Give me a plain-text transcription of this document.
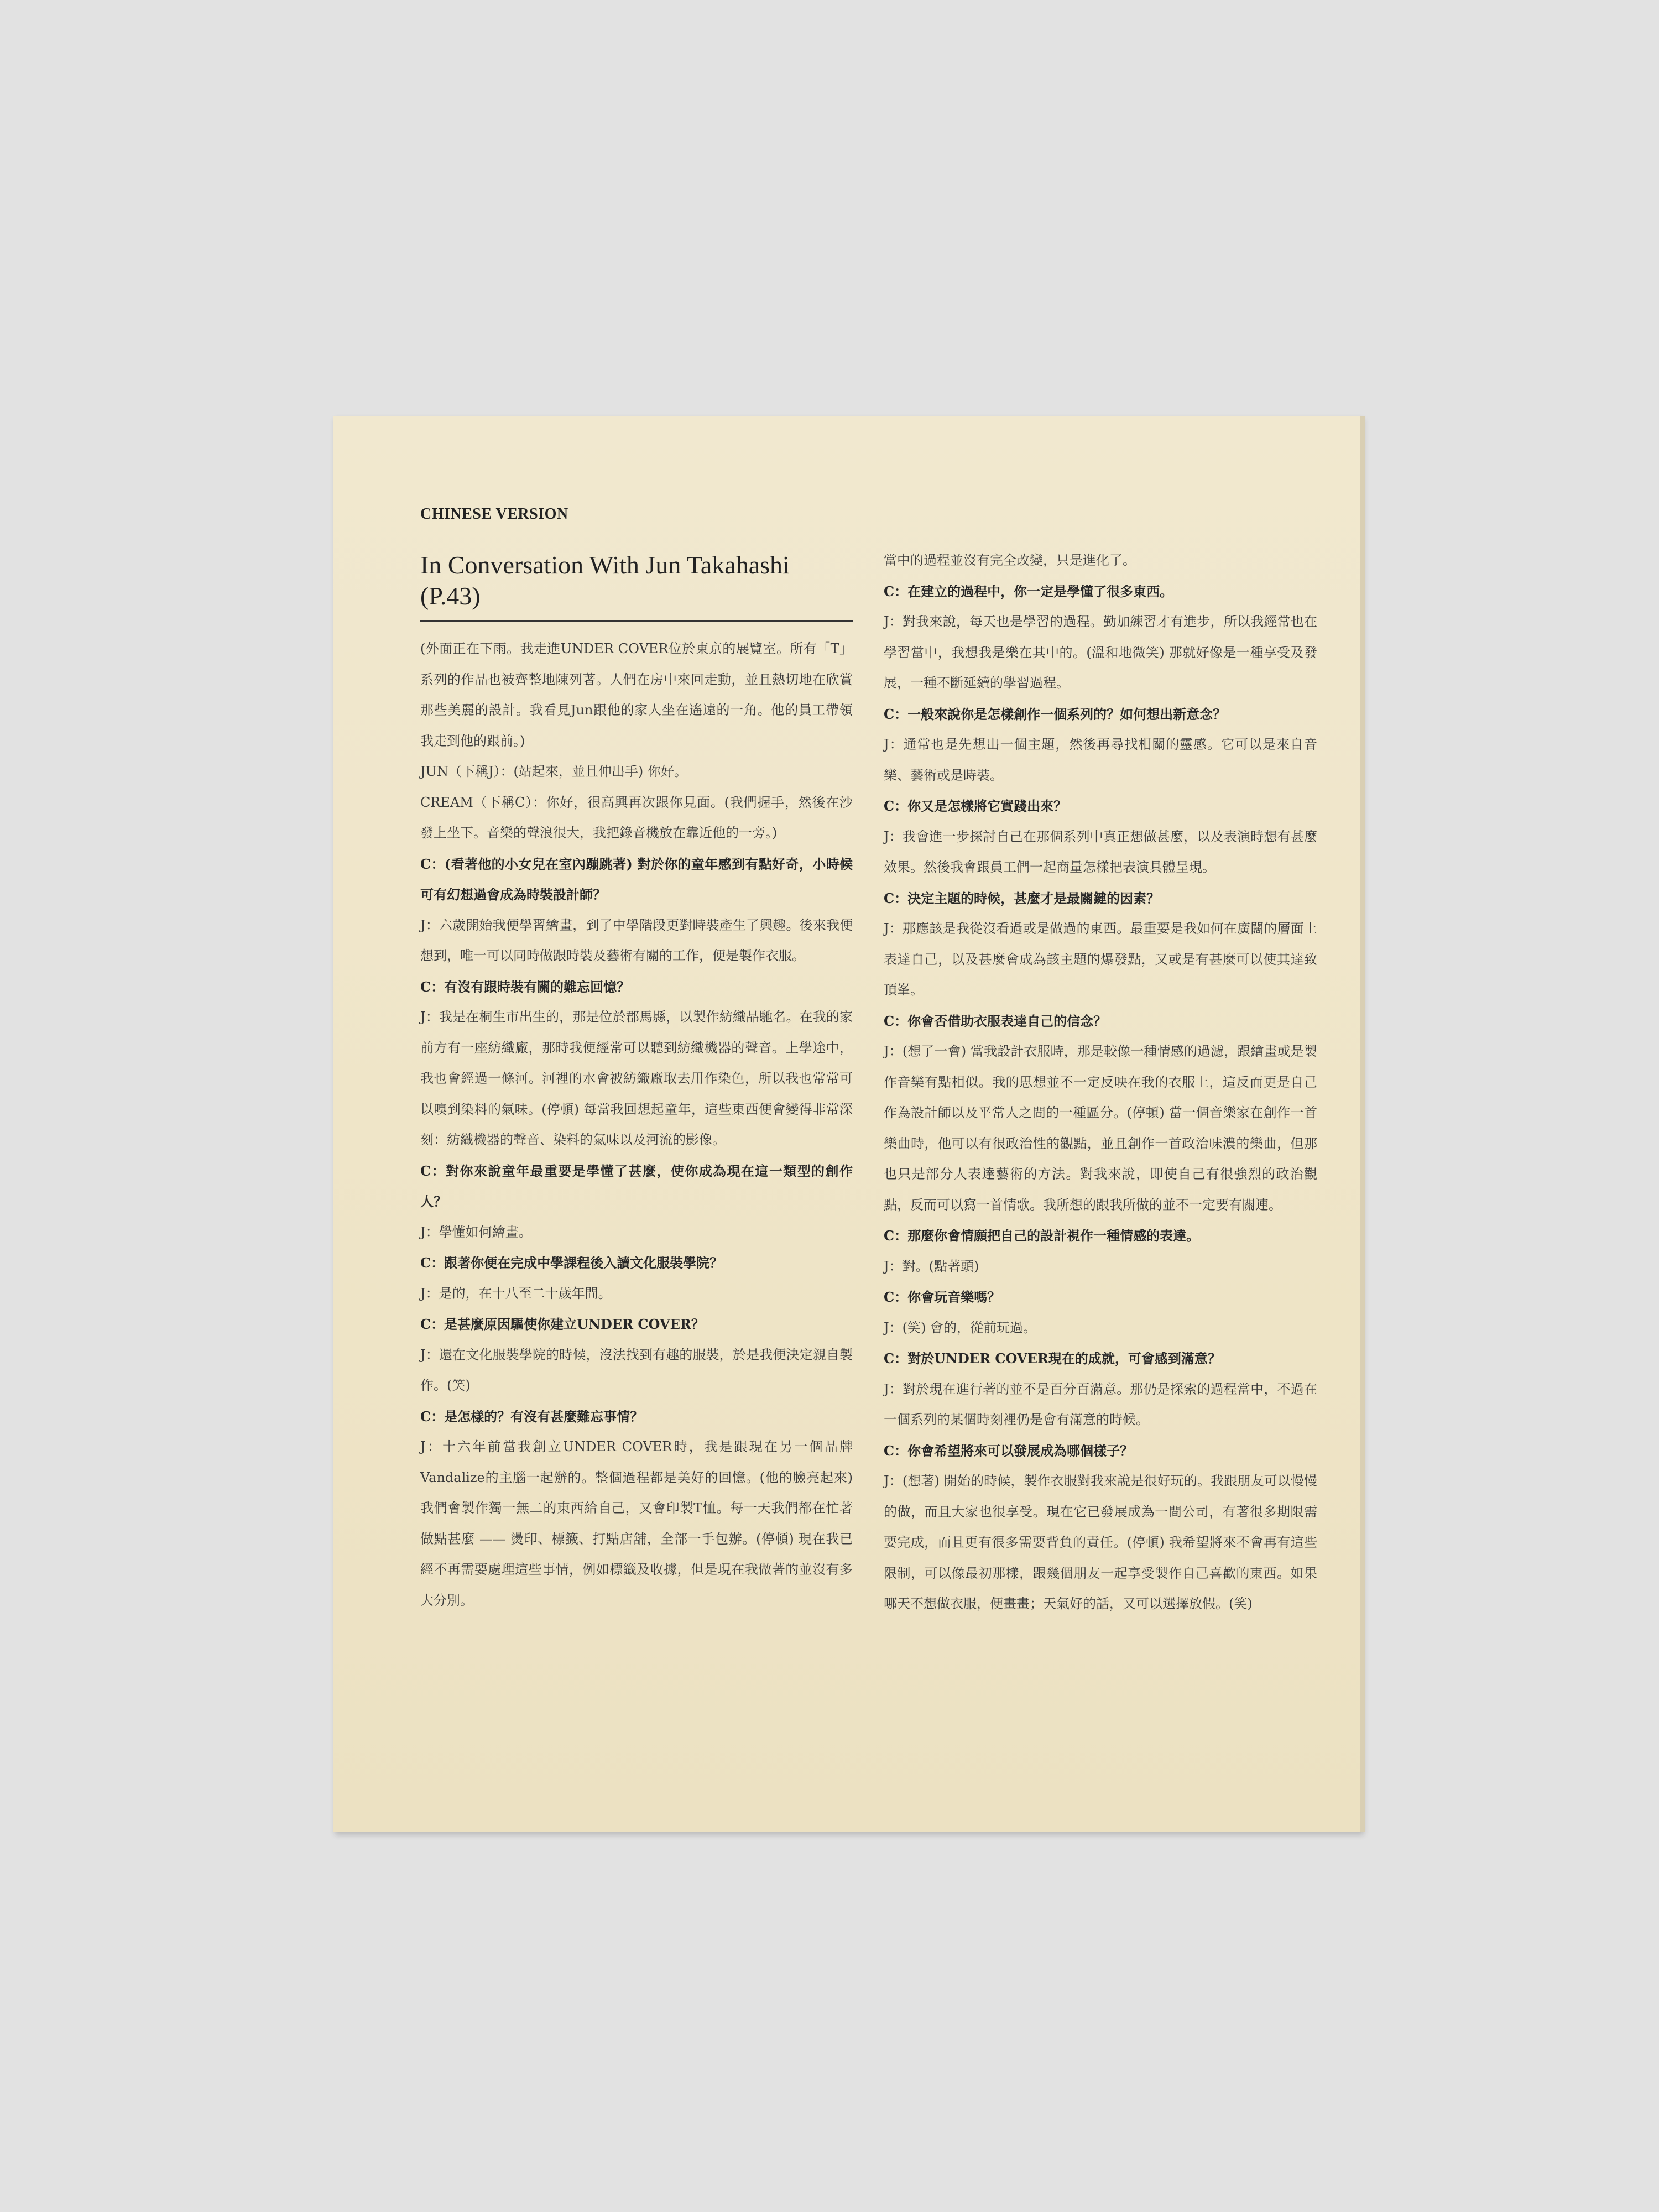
CHINESE VERSION
In Conversation With Jun Takahashi
(P.43)

(外面正在下雨。我走進UNDER COVER位於東京的展覽室。所有「T」系列的作品也被齊整地陳列著。人們在房中來回走動，並且熱切地在欣賞那些美麗的設計。我看見Jun跟他的家人坐在遙遠的一角。他的員工帶領我走到他的跟前。)

JUN（下稱J）：(站起來，並且伸出手) 你好。

CREAM（下稱C）：你好，很高興再次跟你見面。(我們握手，然後在沙發上坐下。音樂的聲浪很大，我把錄音機放在靠近他的一旁。)

C：(看著他的小女兒在室內蹦跳著) 對於你的童年感到有點好奇，小時候可有幻想過會成為時裝設計師？

J：六歲開始我便學習繪畫，到了中學階段更對時裝產生了興趣。後來我便想到，唯一可以同時做跟時裝及藝術有關的工作，便是製作衣服。

C：有沒有跟時裝有關的難忘回憶？

J：我是在桐生市出生的，那是位於郡馬縣，以製作紡織品馳名。在我的家前方有一座紡織廠，那時我便經常可以聽到紡織機器的聲音。上學途中，我也會經過一條河。河裡的水會被紡織廠取去用作染色，所以我也常常可以嗅到染料的氣味。(停頓) 每當我回想起童年，這些東西便會變得非常深刻：紡織機器的聲音、染料的氣味以及河流的影像。

C：對你來說童年最重要是學懂了甚麼，使你成為現在這一類型的創作人？

J：學懂如何繪畫。

C：跟著你便在完成中學課程後入讀文化服裝學院？

J：是的，在十八至二十歲年間。

C：是甚麼原因驅使你建立UNDER COVER？

J：還在文化服裝學院的時候，沒法找到有趣的服裝，於是我便決定親自製作。(笑)

C：是怎樣的？有沒有甚麼難忘事情？

J：十六年前當我創立UNDER COVER時，我是跟現在另一個品牌Vandalize的主腦一起辦的。整個過程都是美好的回憶。(他的臉亮起來) 我們會製作獨一無二的東西給自己，又會印製T恤。每一天我們都在忙著做點甚麼 —— 燙印、標籤、打點店舖，全部一手包辦。(停頓) 現在我已經不再需要處理這些事情，例如標籤及收據，但是現在我做著的並沒有多大分別。

當中的過程並沒有完全改變，只是進化了。

C：在建立的過程中，你一定是學懂了很多東西。

J：對我來說，每天也是學習的過程。勤加練習才有進步，所以我經常也在學習當中，我想我是樂在其中的。(溫和地微笑) 那就好像是一種享受及發展，一種不斷延續的學習過程。

C：一般來說你是怎樣創作一個系列的？如何想出新意念？

J：通常也是先想出一個主題，然後再尋找相關的靈感。它可以是來自音樂、藝術或是時裝。

C：你又是怎樣將它實踐出來？

J：我會進一步探討自己在那個系列中真正想做甚麼，以及表演時想有甚麼效果。然後我會跟員工們一起商量怎樣把表演具體呈現。

C：決定主題的時候，甚麼才是最關鍵的因素？

J：那應該是我從沒看過或是做過的東西。最重要是我如何在廣闊的層面上表達自己，以及甚麼會成為該主題的爆發點，又或是有甚麼可以使其達致頂峯。

C：你會否借助衣服表達自己的信念？

J：(想了一會) 當我設計衣服時，那是較像一種情感的過濾，跟繪畫或是製作音樂有點相似。我的思想並不一定反映在我的衣服上，這反而更是自己作為設計師以及平常人之間的一種區分。(停頓) 當一個音樂家在創作一首樂曲時，他可以有很政治性的觀點，並且創作一首政治味濃的樂曲，但那也只是部分人表達藝術的方法。對我來說，即使自己有很強烈的政治觀點，反而可以寫一首情歌。我所想的跟我所做的並不一定要有關連。

C：那麼你會情願把自己的設計視作一種情感的表達。

J：對。(點著頭)

C：你會玩音樂嗎？

J：(笑) 會的，從前玩過。

C：對於UNDER COVER現在的成就，可會感到滿意？

J：對於現在進行著的並不是百分百滿意。那仍是探索的過程當中，不過在一個系列的某個時刻裡仍是會有滿意的時候。

C：你會希望將來可以發展成為哪個樣子？

J：(想著) 開始的時候，製作衣服對我來說是很好玩的。我跟朋友可以慢慢的做，而且大家也很享受。現在它已發展成為一間公司，有著很多期限需要完成，而且更有很多需要背負的責任。(停頓) 我希望將來不會再有這些限制，可以像最初那樣，跟幾個朋友一起享受製作自己喜歡的東西。如果哪天不想做衣服，便畫畫；天氣好的話，又可以選擇放假。(笑)
